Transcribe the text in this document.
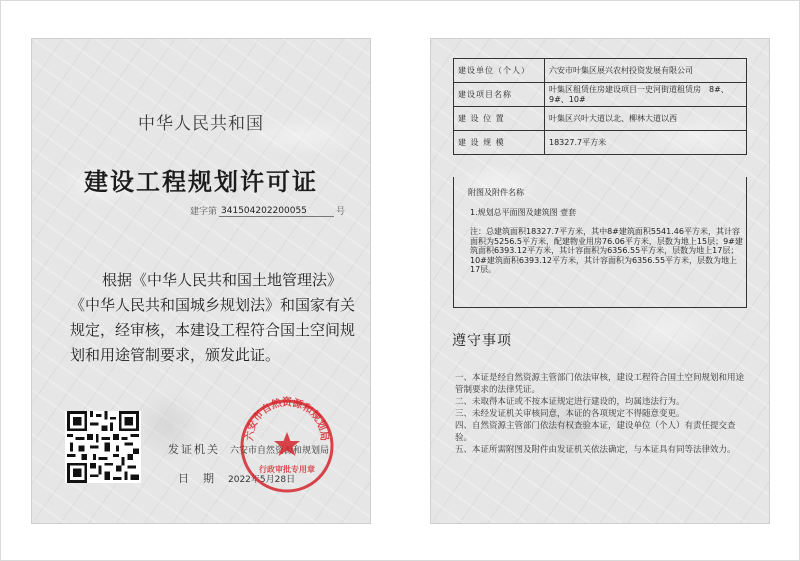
中华人民共和国
建设工程规划许可证
建字第 341504202200055	号
根据《中华人民共和国土地管理法》《中华人民共和国城乡规划法》和国家有关规定，经审核，本建设工程符合国土空间规划和用途管制要求，颁发此证。
发证机关 六安市自然资源和规划局
日期 2022年5月28日
六安市自然资源和规划局
行政审批专用章
建设单位（个人）	六安市叶集区展兴农村投资发展有限公司
建设项目名称	叶集区租赁住房建设项目一史河街道租赁房　8#、9#、10#
建 设 位 置	叶集区兴叶大道以北、柳林大道以西
建 设 规 模	18327.7平方米
附图及附件名称
1.规划总平面图及建筑图 壹套
注：总建筑面积18327.7平方米，其中8#建筑面积5541.46平方米，其计容面积为5256.5平方米，配建物业用房76.06平方米，层数为地上15层；9#建筑面积6393.12平方米，其计容面积为6356.55平方米，层数为地上17层；10#建筑面积6393.12平方米，其计容面积为6356.55平方米，层数为地上17层。
遵守事项
一、本证是经自然资源主管部门依法审核，建设工程符合国土空间规划和用途管制要求的法律凭证。
二、未取得本证或不按本证规定进行建设的，均属违法行为。
三、未经发证机关审核同意，本证的各项规定不得随意变更。
四、自然资源主管部门依法有权查验本证，建设单位（个人）有责任提交查验。
五、本证所需附图及附件由发证机关依法确定，与本证具有同等法律效力。
